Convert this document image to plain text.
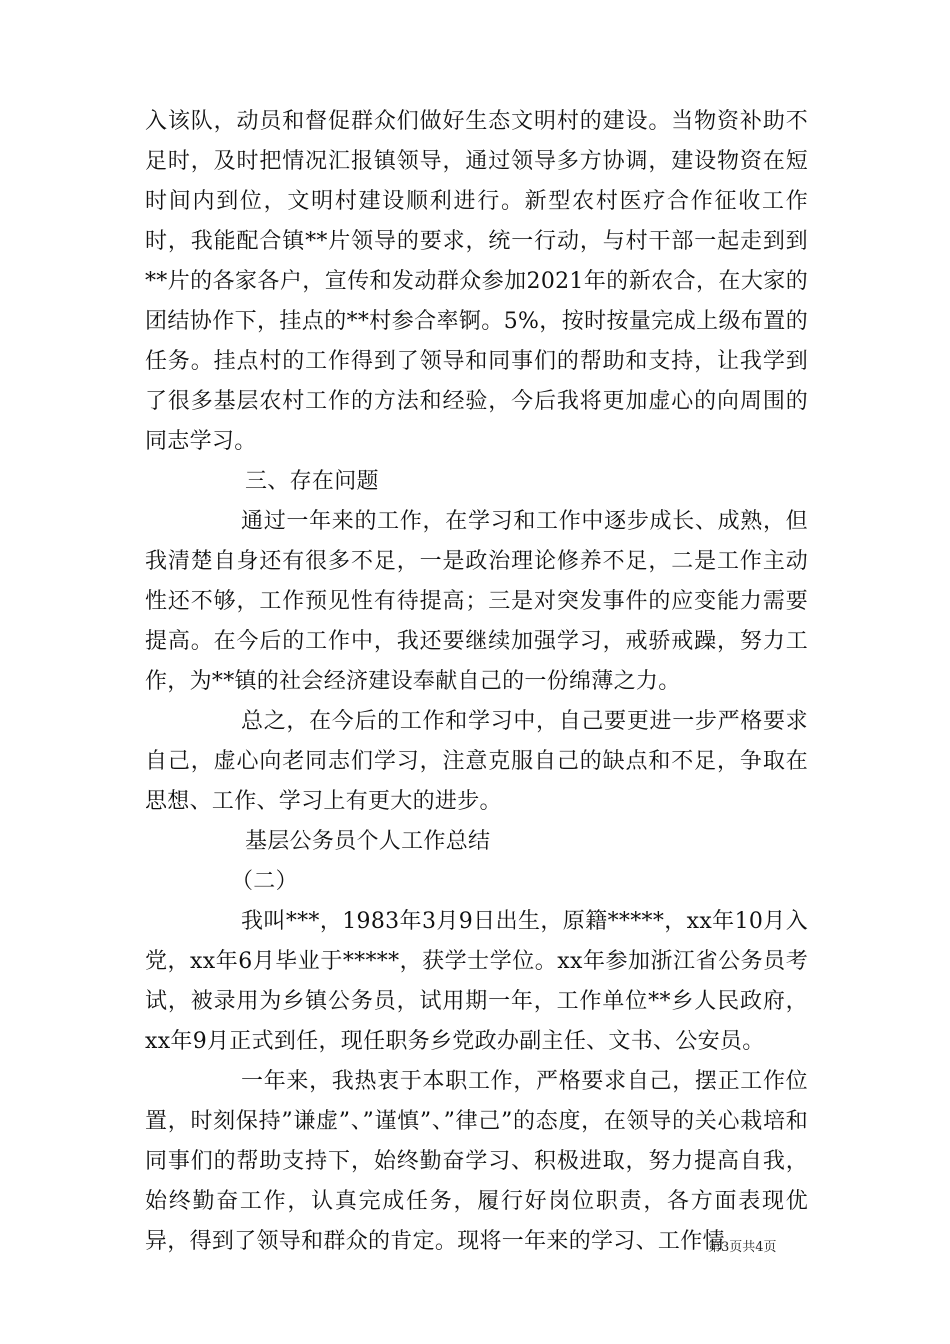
入该队，动员和督促群众们做好生态文明村的建设。当物资补助不足时，及时把情况汇报镇领导，通过领导多方协调，建设物资在短时间内到位，文明村建设顺利进行。新型农村医疗合作征收工作时，我能配合镇**片领导的要求，统一行动，与村干部一起走到到**片的各家各户，宣传和发动群众参加2021年的新农合，在大家的团结协作下，挂点的**村参合率锕。5%，按时按量完成上级布置的任务。挂点村的工作得到了领导和同事们的帮助和支持，让我学到了很多基层农村工作的方法和经验，今后我将更加虚心的向周围的同志学习。

三、存在问题

通过一年来的工作，在学习和工作中逐步成长、成熟，但我清楚自身还有很多不足，一是政治理论修养不足，二是工作主动性还不够，工作预见性有待提高；三是对突发事件的应变能力需要提高。在今后的工作中，我还要继续加强学习，戒骄戒躁，努力工作，为**镇的社会经济建设奉献自己的一份绵薄之力。

总之，在今后的工作和学习中，自己要更进一步严格要求自己，虚心向老同志们学习，注意克服自己的缺点和不足，争取在思想、工作、学习上有更大的进步。

基层公务员个人工作总结

（二）

我叫***，1983年3月9日出生，原籍*****，xx年10月入党，xx年6月毕业于*****，获学士学位。xx年参加浙江省公务员考试，被录用为乡镇公务员，试用期一年，工作单位**乡人民政府，xx年9月正式到任，现任职务乡党政办副主任、文书、公安员。

一年来，我热衷于本职工作，严格要求自己，摆正工作位置，时刻保持”谦虚”、”谨慎”、”律己”的态度，在领导的关心栽培和同事们的帮助支持下，始终勤奋学习、积极进取，努力提高自我，始终勤奋工作，认真完成任务，履行好岗位职责，各方面表现优异，得到了领导和群众的肯定。现将一年来的学习、工作情

第3页共4页
